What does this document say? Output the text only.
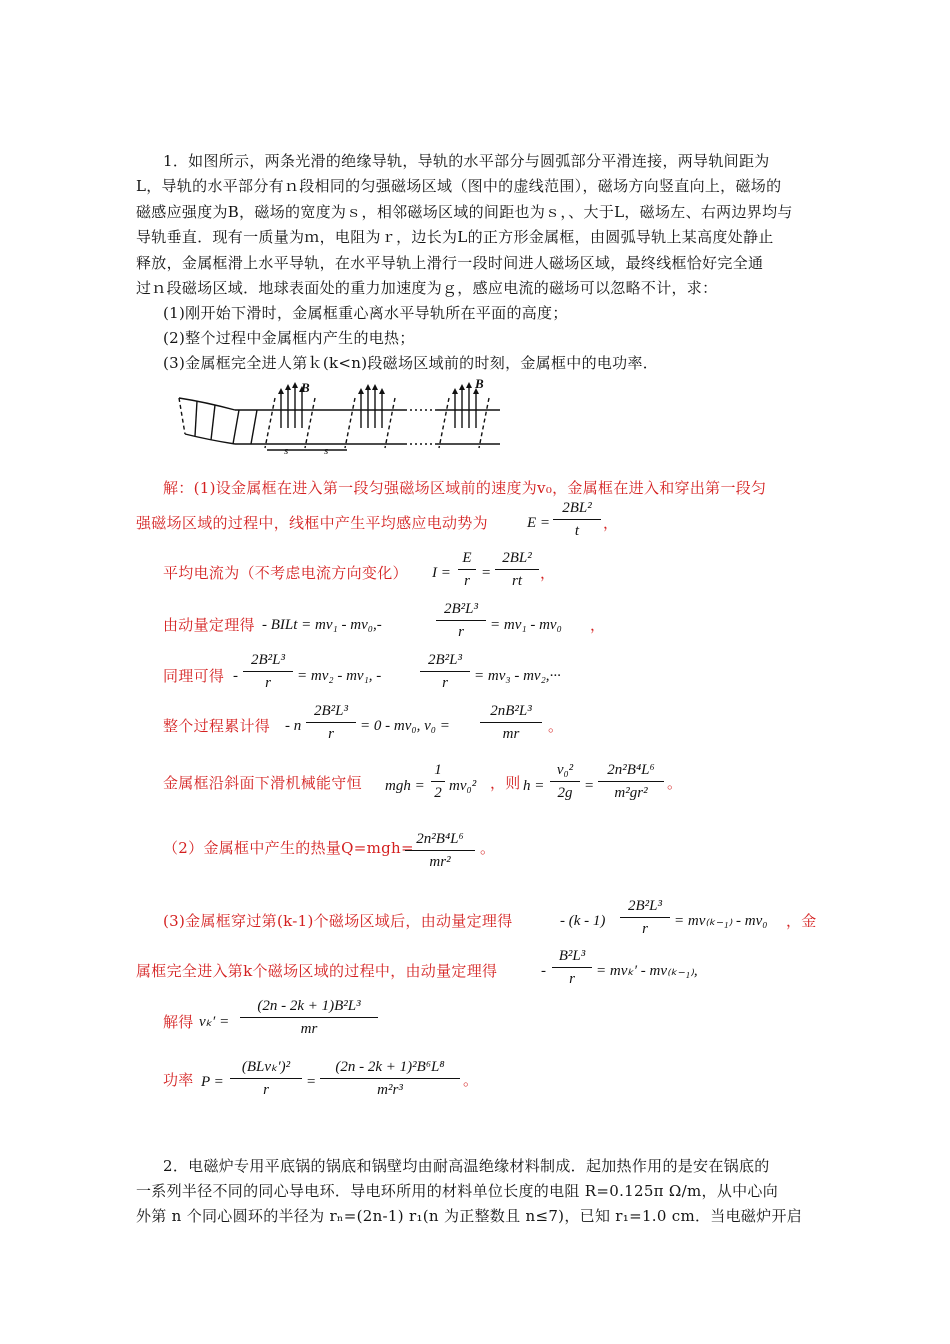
1．如图所示，两条光滑的绝缘导轨，导轨的水平部分与圆弧部分平滑连接，两导轨间距为
L，导轨的水平部分有ｎ段相同的匀强磁场区域（图中的虚线范围），磁场方向竖直向上，磁场的
磁感应强度为B，磁场的宽度为ｓ，相邻磁场区域的间距也为ｓ，、大于L，磁场左、右两边界均与
导轨垂直．现有一质量为ｍ，电阻为ｒ，边长为L的正方形金属框，由圆弧导轨上某高度处静止
释放，金属框滑上水平导轨，在水平导轨上滑行一段时间进人磁场区域，最终线框恰好完全通
过ｎ段磁场区域．地球表面处的重力加速度为ｇ，感应电流的磁场可以忽略不计，求：
(1)刚开始下滑时，金属框重心离水平导轨所在平面的高度；
(2)整个过程中金属框内产生的电热；
(3)金属框完全进人第ｋ(k<n)段磁场区域前的时刻，金属框中的电功率．
B	B
s	s
解：(1)设金属框在进入第一段匀强磁场区域前的速度为v₀，金属框在进入和穿出第一段匀
强磁场区域的过程中，线框中产生平均感应电动势为	E =
2BL²
t	，
平均电流为（不考虑电流方向变化） I =
E
r =
2BL²
rt	，
由动量定理得 - BILt = mv₁ - mv₀,-
2B²L³
r	= mv₁ - mv₀ ，
同理可得 -
2B²L³
r	= mv₂ - mv₁, -
2B²L³
r	= mv₃ - mv₂,···
整个过程累计得 - n
2B²L³
r	= 0 - mv₀, v₀ =
2nB²L³
mr	。
金属框沿斜面下滑机械能守恒 mgh =
1
2 mv₀² ，则 h =
v₀²
2g =
2n²B⁴L⁶
m²gr²
。
（2）金属框中产生的热量Q=mgh= 2n²B⁴L⁶
mr²
。
(3)金属框穿过第(k-1)个磁场区域后，由动量定理得	- (k - 1)
2B²L³
r	= mv₍ₖ₋₁₎ - mv₀ ，金
属框完全进入第k个磁场区域的过程中，由动量定理得	-
B²L³
r	= mvₖ′ - mv₍ₖ₋₁₎,
解得 vₖ′ =
(2n - 2k + 1)B²L³
mr
功率 P =
(BLvₖ′)²
r	=
(2n - 2k + 1)²B⁶L⁸
m²r³
。
2．电磁炉专用平底锅的锅底和锅壁均由耐高温绝缘材料制成．起加热作用的是安在锅底的
一系列半径不同的同心导电环．导电环所用的材料单位长度的电阻 R=0.125π Ω/m，从中心向
外第 n 个同心圆环的半径为 rₙ=(2n-1) r₁(n 为正整数且 n≤7)，已知 r₁=1.0 cm．当电磁炉开启
